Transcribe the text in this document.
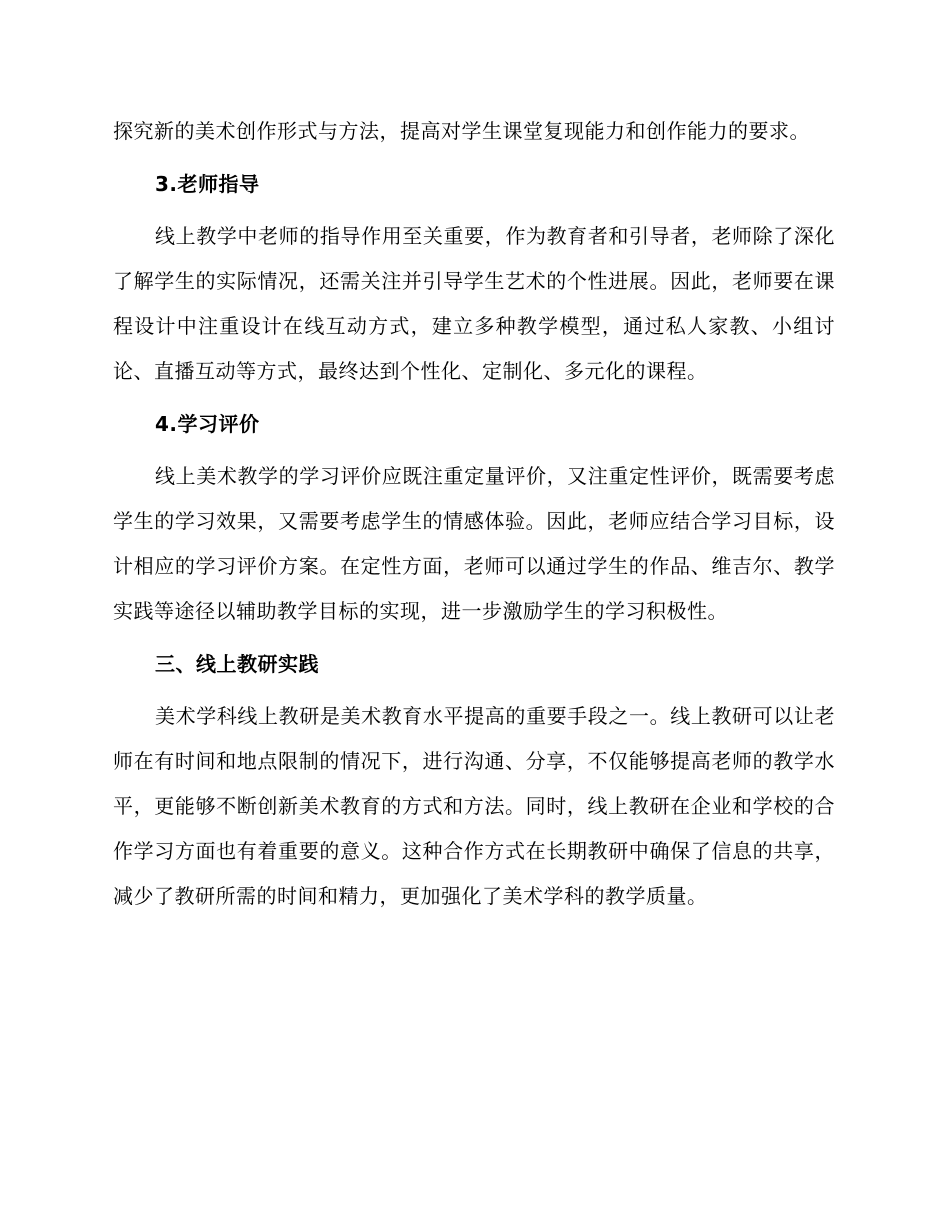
探究新的美术创作形式与方法，提高对学生课堂复现能力和创作能力的要求。

3.老师指导

线上教学中老师的指导作用至关重要，作为教育者和引导者，老师除了深化了解学生的实际情况，还需关注并引导学生艺术的个性进展。因此，老师要在课程设计中注重设计在线互动方式，建立多种教学模型，通过私人家教、小组讨论、直播互动等方式，最终达到个性化、定制化、多元化的课程。

4.学习评价

线上美术教学的学习评价应既注重定量评价，又注重定性评价，既需要考虑学生的学习效果，又需要考虑学生的情感体验。因此，老师应结合学习目标，设计相应的学习评价方案。在定性方面，老师可以通过学生的作品、维吉尔、教学实践等途径以辅助教学目标的实现，进一步激励学生的学习积极性。

三、线上教研实践

美术学科线上教研是美术教育水平提高的重要手段之一。线上教研可以让老师在有时间和地点限制的情况下，进行沟通、分享，不仅能够提高老师的教学水平，更能够不断创新美术教育的方式和方法。同时，线上教研在企业和学校的合作学习方面也有着重要的意义。这种合作方式在长期教研中确保了信息的共享，减少了教研所需的时间和精力，更加强化了美术学科的教学质量。
